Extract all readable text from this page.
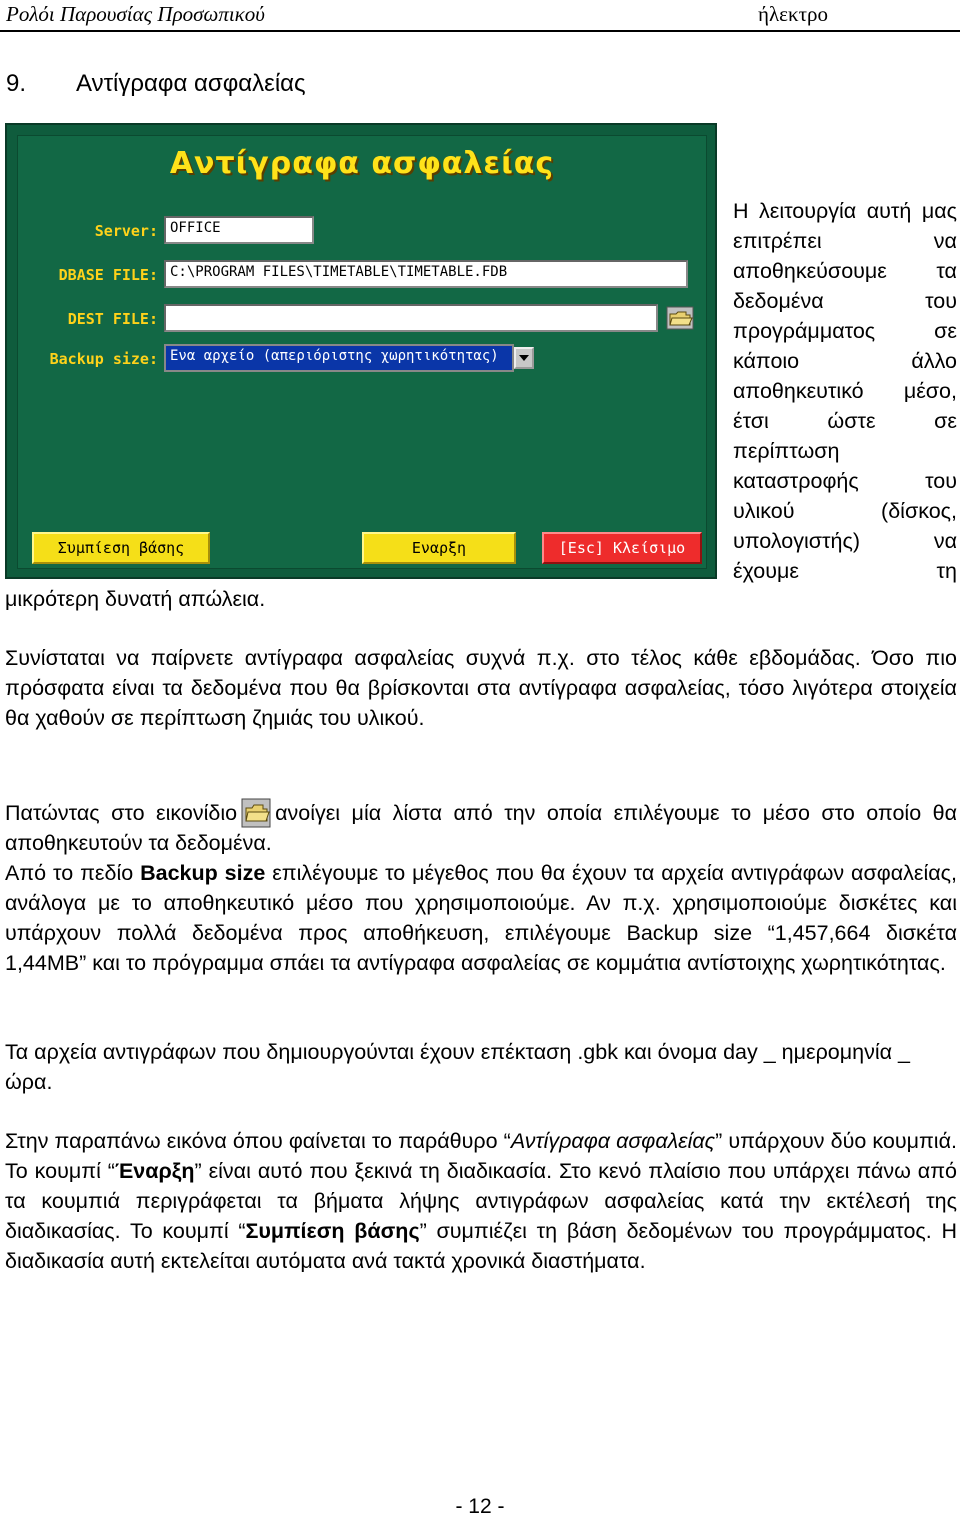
Ρολόι Παρουσίας Προσωπικού	ήλεκτρο
9. Αντίγραφα ασφαλείας
Αντίγραφα ασφαλείας
Server: OFFICE
DBASE FILE: C:\PROGRAM FILES\TIMETABLE\TIMETABLE.FDB
DEST FILE:
Backup size: Ενα αρχείο (απεριόριστης χωρητικότητας)
Συμπίεση βάσης	Εναρξη	[Esc] Κλείσιμο
Η λειτουργία αυτή μας επιτρέπει να αποθηκεύσουμε τα δεδομένα του προγράμματος σε κάποιο άλλο αποθηκευτικό μέσο, έτσι ώστε σε περίπτωση καταστροφής του υλικού (δίσκος, υπολογιστής) να έχουμε τη
μικρότερη δυνατή απώλεια.
Συνίσταται να παίρνετε αντίγραφα ασφαλείας συχνά π.χ. στο τέλος κάθε εβδομάδας. Όσο πιο πρόσφατα είναι τα δεδομένα που θα βρίσκονται στα αντίγραφα ασφαλείας, τόσο λιγότερα στοιχεία θα χαθούν σε περίπτωση ζημιάς του υλικού.
Πατώντας στο εικονίδιο ανοίγει μία λίστα από την οποία επιλέγουμε το μέσο στο οποίο θα αποθηκευτούν τα δεδομένα.
Από το πεδίο Backup size επιλέγουμε το μέγεθος που θα έχουν τα αρχεία αντιγράφων ασφαλείας, ανάλογα με το αποθηκευτικό μέσο που χρησιμοποιούμε. Αν π.χ. χρησιμοποιούμε δισκέτες και υπάρχουν πολλά δεδομένα προς αποθήκευση, επιλέγουμε Backup size “1,457,664 δισκέτα 1,44MB” και το πρόγραμμα σπάει τα αντίγραφα ασφαλείας σε κομμάτια αντίστοιχης χωρητικότητας.
Τα αρχεία αντιγράφων που δημιουργούνται έχουν επέκταση .gbk και όνομα day _ ημερομηνία _ ώρα.
Στην παραπάνω εικόνα όπου φαίνεται το παράθυρο “Αντίγραφα ασφαλείας” υπάρχουν δύο κουμπιά. Το κουμπί “Έναρξη” είναι αυτό που ξεκινά τη διαδικασία. Στο κενό πλαίσιο που υπάρχει πάνω από τα κουμπιά περιγράφεται τα βήματα λήψης αντιγράφων ασφαλείας κατά την εκτέλεσή της διαδικασίας. Το κουμπί “Συμπίεση βάσης” συμπιέζει τη βάση δεδομένων του προγράμματος. Η διαδικασία αυτή εκτελείται αυτόματα ανά τακτά χρονικά διαστήματα.
- 12 -
